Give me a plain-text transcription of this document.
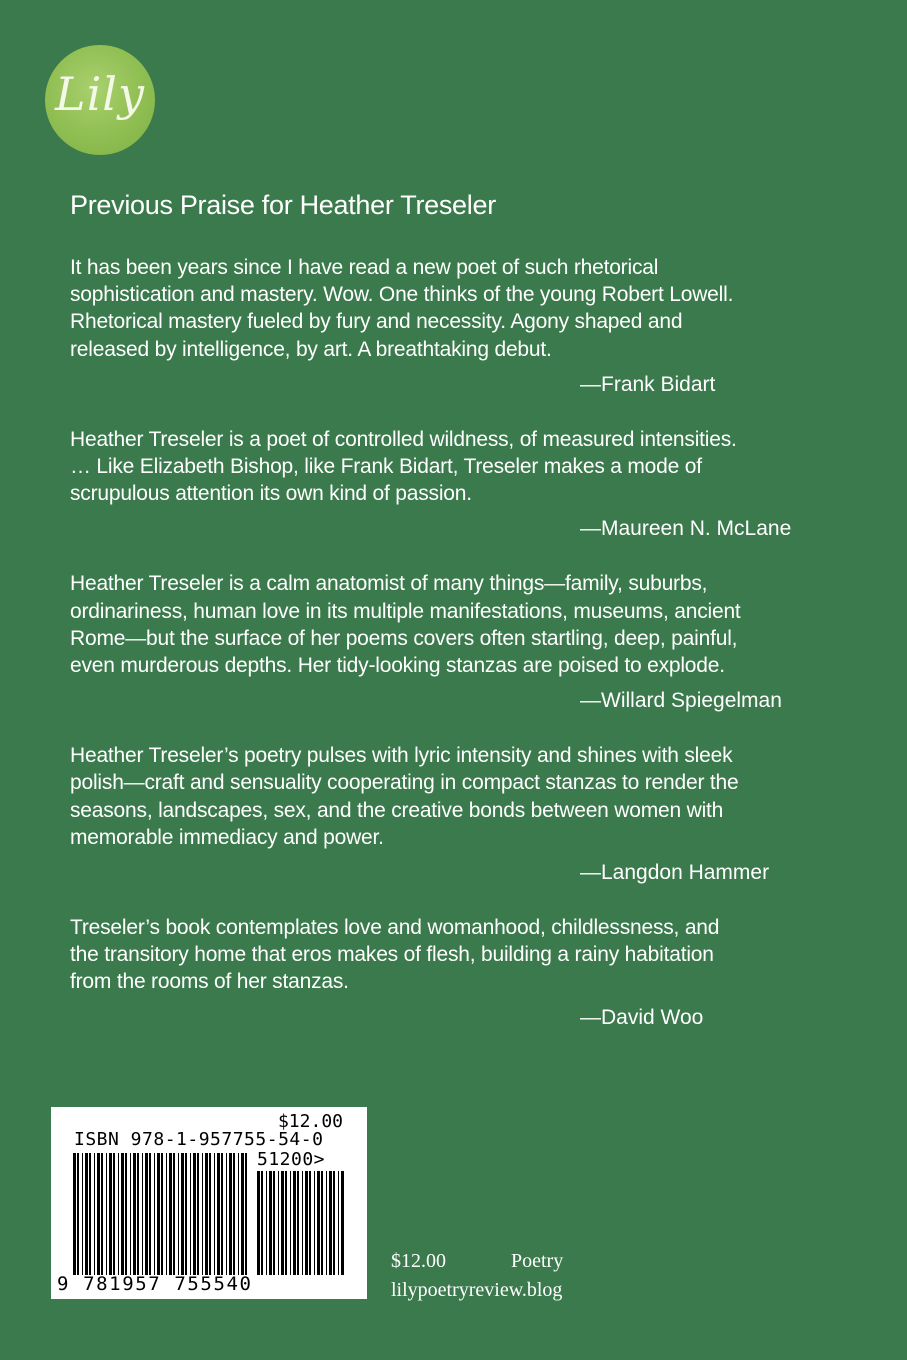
Lily
Previous Praise for Heather Treseler

It has been years since I have read a new poet of such rhetorical

sophistication and mastery. Wow. One thinks of the young Robert Lowell.

Rhetorical mastery fueled by fury and necessity. Agony shaped and

released by intelligence, by art. A breathtaking debut.

—Frank Bidart

Heather Treseler is a poet of controlled wildness, of measured intensities.

… Like Elizabeth Bishop, like Frank Bidart, Treseler makes a mode of

scrupulous attention its own kind of passion.

—Maureen N. McLane

Heather Treseler is a calm anatomist of many things—family, suburbs,

ordinariness, human love in its multiple manifestations, museums, ancient

Rome—but the surface of her poems covers often startling, deep, painful,

even murderous depths. Her tidy-looking stanzas are poised to explode.

—Willard Spiegelman

Heather Treseler’s poetry pulses with lyric intensity and shines with sleek

polish—craft and sensuality cooperating in compact stanzas to render the

seasons, landscapes, sex, and the creative bonds between women with

memorable immediacy and power.

—Langdon Hammer

Treseler’s book contemplates love and womanhood, childlessness, and

the transitory home that eros makes of flesh, building a rainy habitation

from the rooms of her stanzas.

—David Woo
$12.00
ISBN 978-1-957755-54-0
51200>
9 781957 755540
$12.00	Poetry
lilypoetryreview.blog
